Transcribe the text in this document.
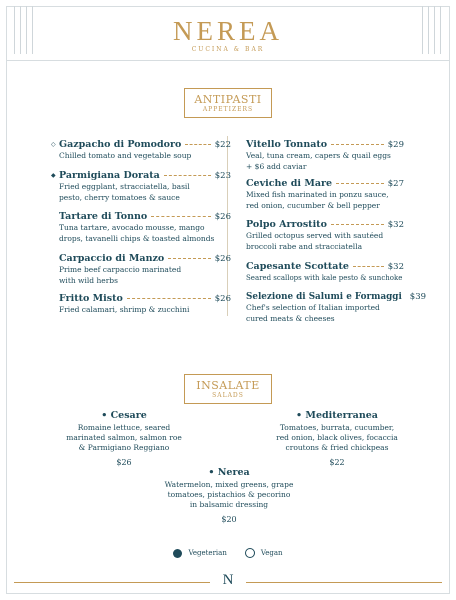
NEREA
CUCINA & BAR
ANTIPASTI
APPETIZERS
◇ Gazpacho di Pomodoro	$22
Chilled tomato and vegetable soup
◆ Parmigiana Dorata	$23
Fried eggplant, stracciatella, basil
pesto, cherry tomatoes & sauce
Tartare di Tonno	$26
Tuna tartare, avocado mousse, mango
drops, tavanelli chips & toasted almonds
Carpaccio di Manzo	$26
Prime beef carpaccio marinated
with wild herbs
Fritto Misto	$26
Fried calamari, shrimp & zucchini
Vitello Tonnato	$29
Veal, tuna cream, capers & quail eggs
+ $6 add caviar
Ceviche di Mare	$27
Mixed fish marinated in ponzu sauce,
red onion, cucumber & bell pepper
Polpo Arrostito	$32
Grilled octopus served with sautéed
broccoli rabe and stracciatella
Capesante Scottate	$32
Seared scallops with kale pesto & sunchoke
Selezione di Salumi e Formaggi $39
Chef's selection of Italian imported
cured meats & cheeses
INSALATE
SALADS
• Cesare
Romaine lettuce, seared
marinated salmon, salmon roe
& Parmigiano Reggiano
$26
• Mediterranea
Tomatoes, burrata, cucumber,
red onion, black olives, focaccia
croutons & fried chickpeas
$22
• Nerea
Watermelon, mixed greens, grape
tomatoes, pistachios & pecorino
in balsamic dressing
$20
Vegeterian	Vegan
N
